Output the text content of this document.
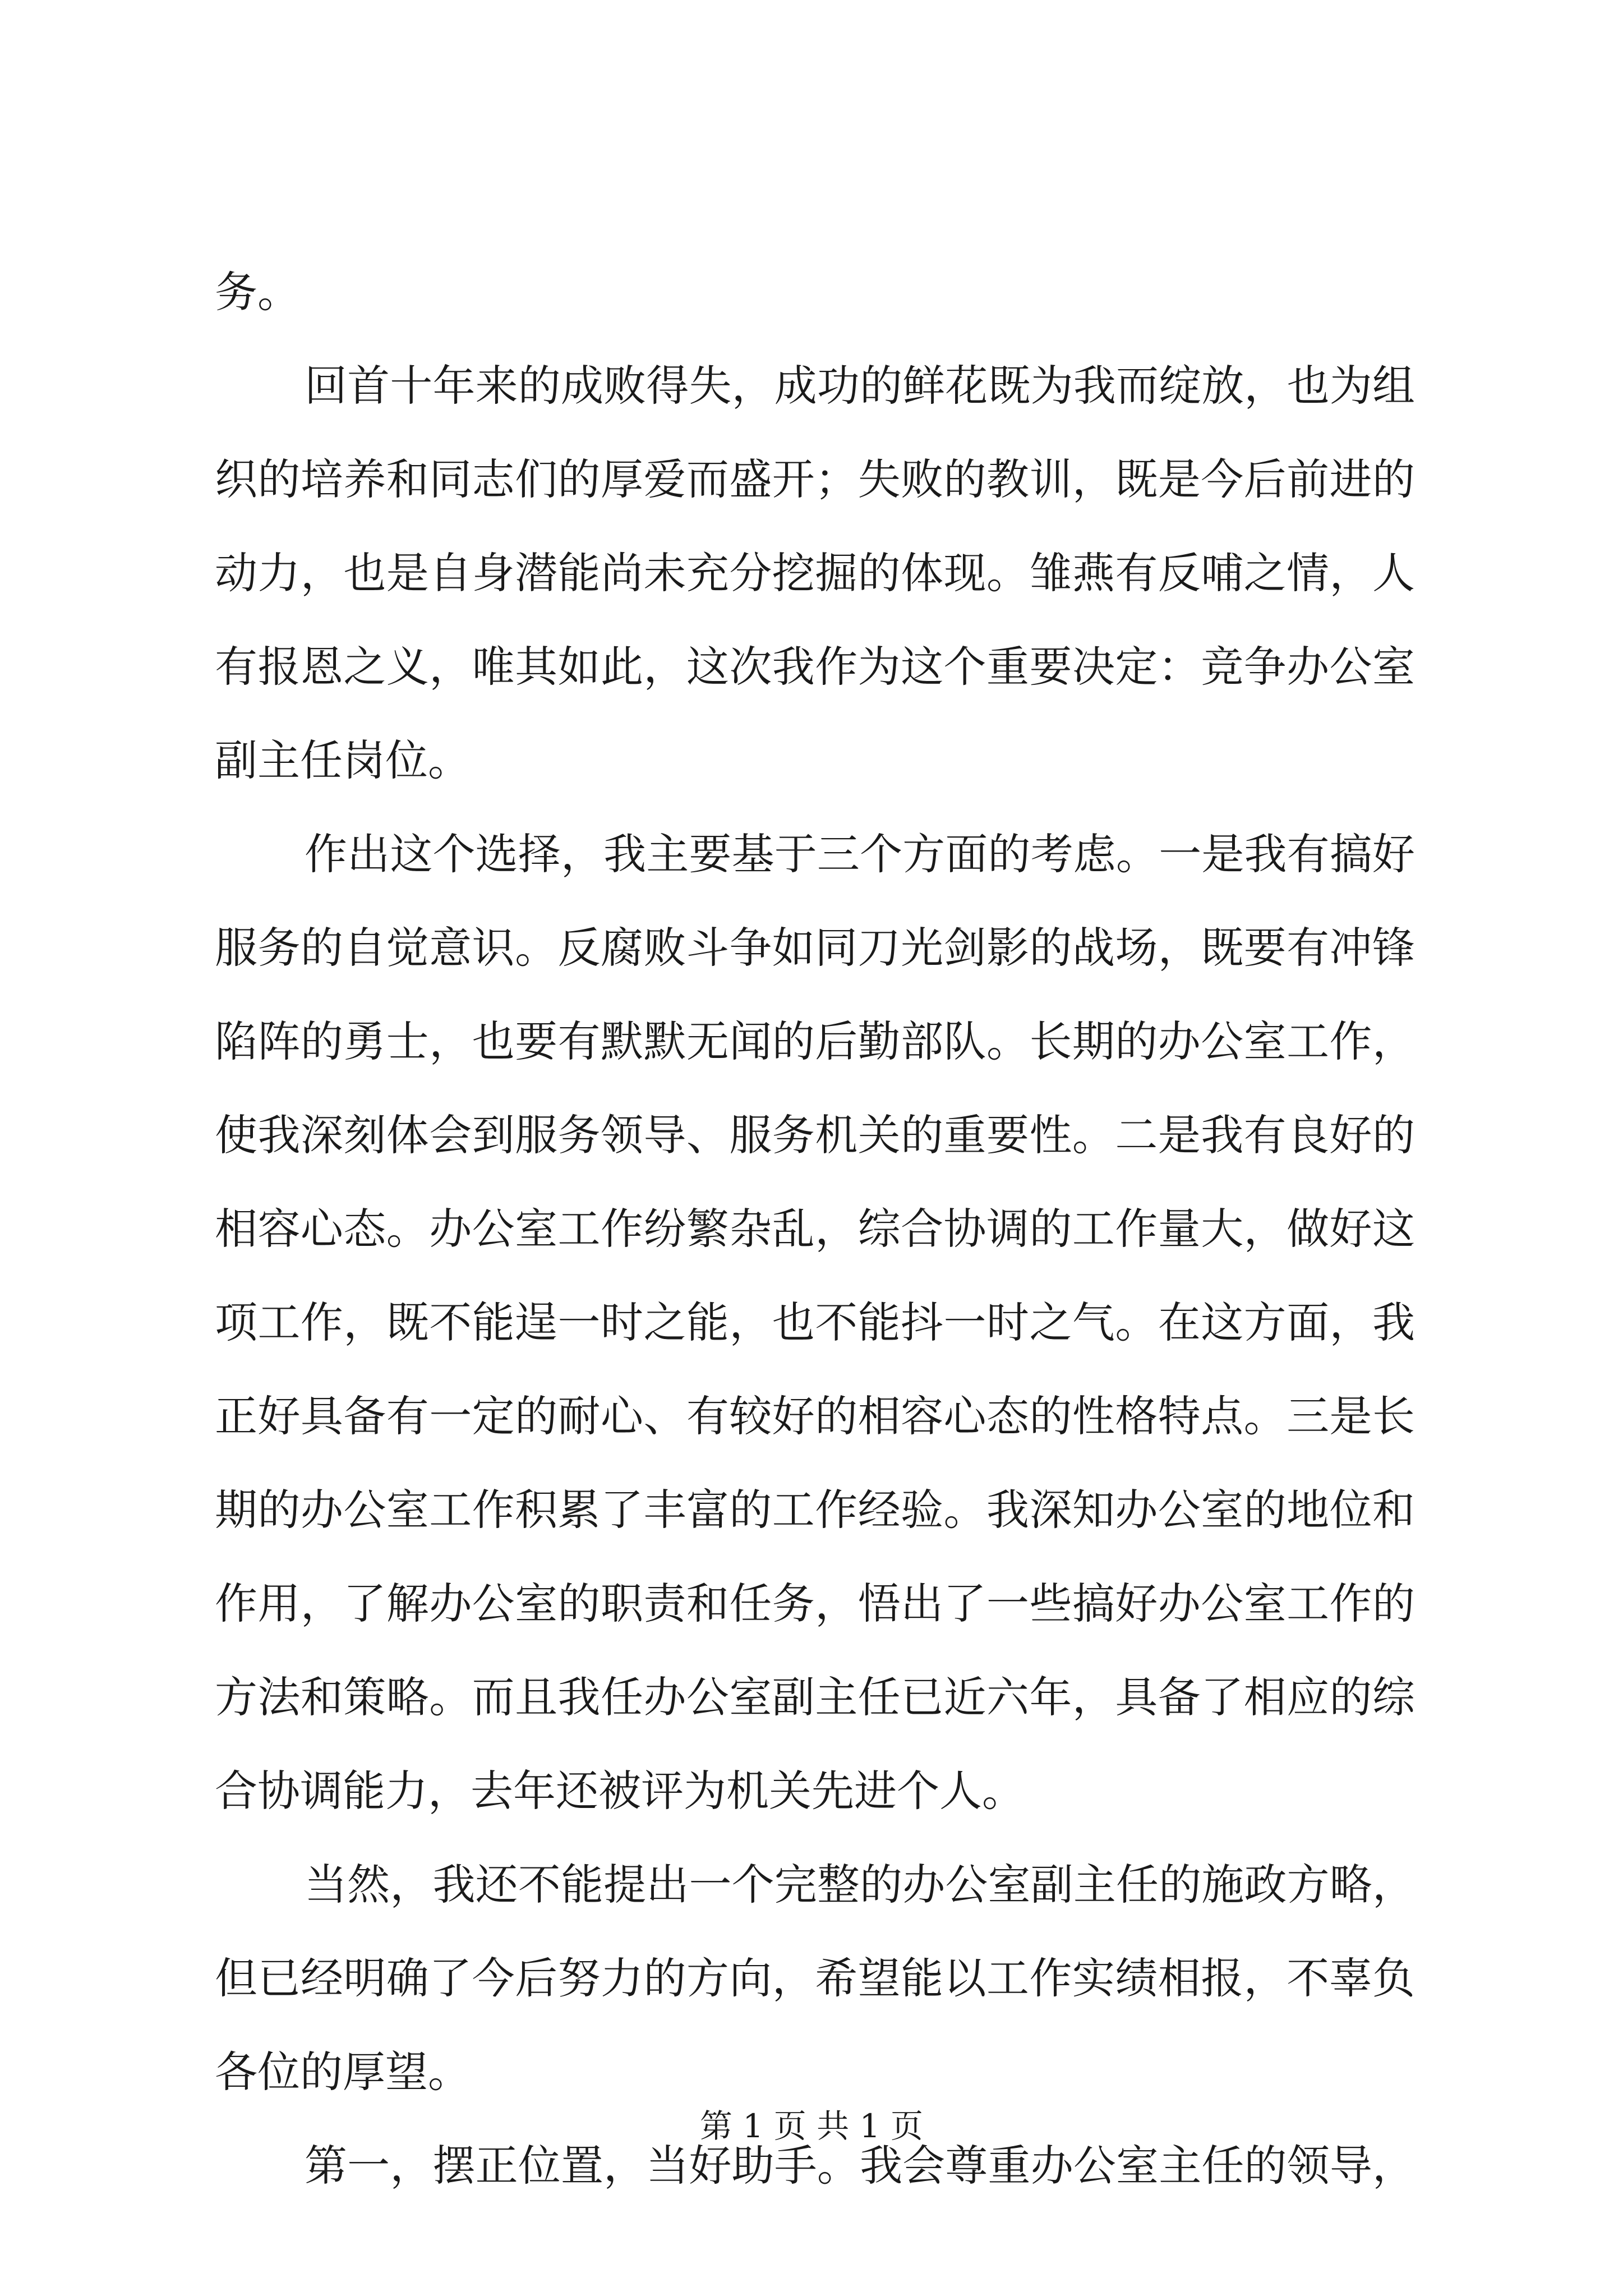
务。
回首十年来的成败得失，成功的鲜花既为我而绽放，也为组
织的培养和同志们的厚爱而盛开；失败的教训，既是今后前进的
动力，也是自身潜能尚未充分挖掘的体现。雏燕有反哺之情，人
有报恩之义，唯其如此，这次我作为这个重要决定：竞争办公室
副主任岗位。
作出这个选择，我主要基于三个方面的考虑。一是我有搞好
服务的自觉意识。反腐败斗争如同刀光剑影的战场，既要有冲锋
陷阵的勇士，也要有默默无闻的后勤部队。长期的办公室工作，
使我深刻体会到服务领导、服务机关的重要性。二是我有良好的
相容心态。办公室工作纷繁杂乱，综合协调的工作量大，做好这
项工作，既不能逞一时之能，也不能抖一时之气。在这方面，我
正好具备有一定的耐心、有较好的相容心态的性格特点。三是长
期的办公室工作积累了丰富的工作经验。我深知办公室的地位和
作用，了解办公室的职责和任务，悟出了一些搞好办公室工作的
方法和策略。而且我任办公室副主任已近六年，具备了相应的综
合协调能力，去年还被评为机关先进个人。
当然，我还不能提出一个完整的办公室副主任的施政方略，
但已经明确了今后努力的方向，希望能以工作实绩相报，不辜负
各位的厚望。
第一，摆正位置，当好助手。我会尊重办公室主任的领导，
第 1 页 共 1 页
